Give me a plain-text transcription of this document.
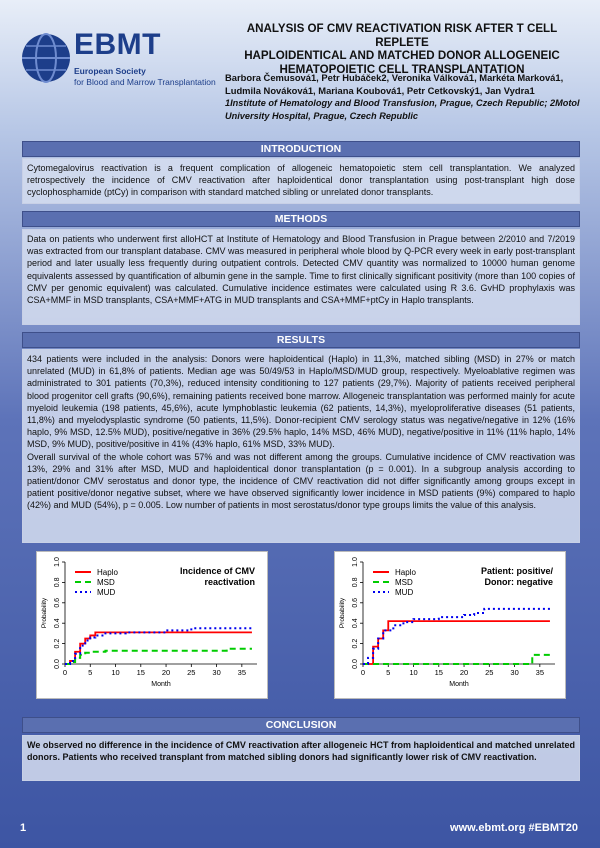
EBMT
European Society
for Blood and Marrow Transplantation
ANALYSIS OF CMV REACTIVATION RISK AFTER T CELL REPLETE
HAPLOIDENTICAL AND MATCHED DONOR ALLOGENEIC
HEMATOPOIETIC CELL TRANSPLANTATION
Barbora Čemusová1, Petr Hubáček2, Veronika Válková1, Markéta Marková1, Ludmila Nováková1, Mariana Koubová1, Petr Cetkovský1, Jan Vydra1
1Institute of Hematology and Blood Transfusion, Prague, Czech Republic; 2Motol University Hospital, Prague, Czech Republic
INTRODUCTION

Cytomegalovirus reactivation is a frequent complication of allogeneic hematopoietic stem cell transplantation. We analyzed retrospectively the incidence of CMV reactivation after haploidentical donor transplantation using post-transplant high dose cyclophosphamide (ptCy) in comparison with standard matched sibling or unrelated donor transplants.

METHODS

Data on patients who underwent first alloHCT at Institute of Hematology and Blood Transfusion in Prague between 2/2010 and 7/2019 was extracted from our transplant database. CMV was measured in peripheral whole blood by Q-PCR every week in early post-transplant period and later usually less frequently during outpatient controls. Detected CMV quantity was normalized to 10000 human genome equivalents assessed by quantification of albumin gene in the sample. Time to first clinically significant positivity (more than 100 copies of CMV per genomic equivalent) was calculated. Cumulative incidence estimates were calculated using R 3.6. GvHD prophylaxis was CSA+MMF in MSD transplants, CSA+MMF+ATG in MUD transplants and CSA+MMF+ptCy in Haplo transplants.

RESULTS

434 patients were included in the analysis: Donors were haploidentical (Haplo) in 11,3%, matched sibling (MSD) in 27% or match unrelated (MUD) in 61,8% of patients. Median age was 50/49/53 in Haplo/MSD/MUD group, respectively. Myeloablative regimen was administrated to 301 patients (70,3%), reduced intensity conditioning to 127 patients (29,7%). Majority of patients received peripheral blood progenitor cell grafts (90,6%), remaining patients received bone marrow. Allogeneic transplantation was performed mainly for acute myeloid leukemia (198 patients, 45,6%), acute lymphoblastic leukemia (62 patients, 14,3%), myeloproliferative diseases (51 patients, 11,8%) and myelodysplastic syndrome (50 patients, 11,5%). Donor-recipient CMV serology status was negative/negative in 12% (16% haplo, 9% MSD, 12.5% MUD), positive/negative in 36% (29.5% haplo, 14% MSD, 46% MUD), negative/positive in 11% (11% haplo, 14% MSD, 9% MUD), positive/positive in 41% (43% haplo, 61% MSD, 33% MUD).

Overall survival of the whole cohort was 57% and was not different among the groups. Cumulative incidence of CMV reactivation was 13%, 29% and 31% after MSD, MUD and haploidentical donor transplantation (p = 0.001). In a subgroup analysis according to patient/donor CMV serostatus and donor type, the incidence of CMV reactivation did not differ significantly among groups except in patient positive/donor negative subset, where we have observed significantly lower incidence in MSD patients (9%) compared to haplo (42%) and MUD (54%), p = 0.005. Low number of patients in most serostatus/donor type groups limits the value of this analysis.

0.0
0.2
0.4
0.6
0.8
1.0
0	5	10 15 20 25 30 35
Month
Probability
Haplo
MSD
MUD
Incidence of CMV
reactivation
0.0
0.2
0.4
0.6
0.8
1.0
0	5	10 15 20 25 30 35
Month
Probability
Haplo
MSD
MUD
Patient: positive/
Donor: negative
CONCLUSION

We observed no difference in the incidence of CMV reactivation after allogeneic HCT from haploidentical and matched unrelated donors. Patients who received transplant from matched sibling donors had significantly lower risk of CMV reactivation.

1	www.ebmt.org #EBMT20
